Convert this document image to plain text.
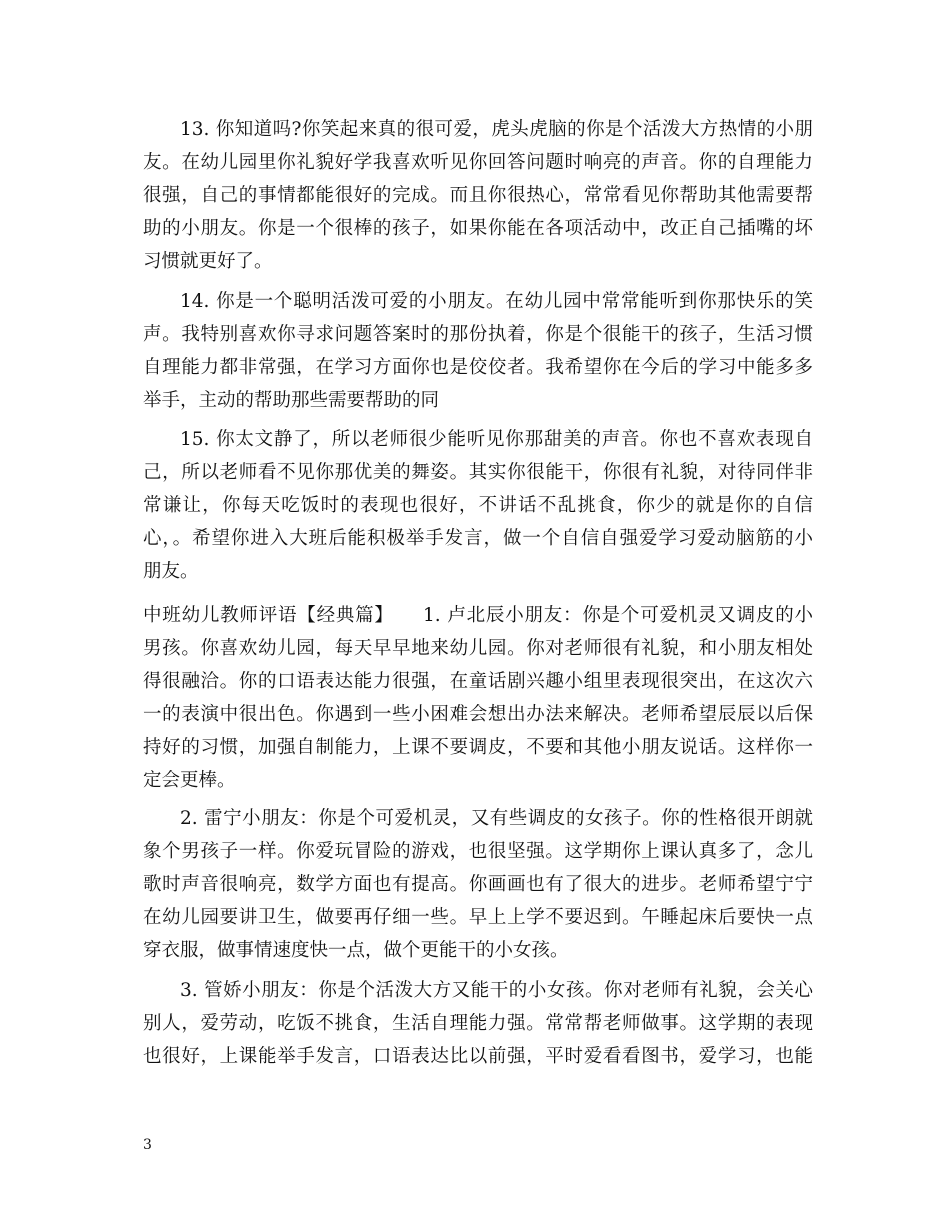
13. 你知道吗?你笑起来真的很可爱，虎头虎脑的你是个活泼大方热情的小朋
友。在幼儿园里你礼貌好学我喜欢听见你回答问题时响亮的声音。你的自理能力
很强，自己的事情都能很好的完成。而且你很热心，常常看见你帮助其他需要帮
助的小朋友。你是一个很棒的孩子，如果你能在各项活动中，改正自己插嘴的坏
习惯就更好了。
14. 你是一个聪明活泼可爱的小朋友。在幼儿园中常常能听到你那快乐的笑
声。我特别喜欢你寻求问题答案时的那份执着，你是个很能干的孩子，生活习惯
自理能力都非常强，在学习方面你也是佼佼者。我希望你在今后的学习中能多多
举手，主动的帮助那些需要帮助的同
15. 你太文静了，所以老师很少能听见你那甜美的声音。你也不喜欢表现自
己，所以老师看不见你那优美的舞姿。其实你很能干，你很有礼貌，对待同伴非
常谦让，你每天吃饭时的表现也很好，不讲话不乱挑食，你少的就是你的自信
心，。希望你进入大班后能积极举手发言，做一个自信自强爱学习爱动脑筋的小
朋友。
中班幼儿教师评语【经典篇】　　1. 卢北辰小朋友：你是个可爱机灵又调皮的小
男孩。你喜欢幼儿园，每天早早地来幼儿园。你对老师很有礼貌，和小朋友相处
得很融洽。你的口语表达能力很强，在童话剧兴趣小组里表现很突出，在这次六
一的表演中很出色。你遇到一些小困难会想出办法来解决。老师希望辰辰以后保
持好的习惯，加强自制能力，上课不要调皮，不要和其他小朋友说话。这样你一
定会更棒。
2. 雷宁小朋友：你是个可爱机灵，又有些调皮的女孩子。你的性格很开朗就
象个男孩子一样。你爱玩冒险的游戏，也很坚强。这学期你上课认真多了，念儿
歌时声音很响亮，数学方面也有提高。你画画也有了很大的进步。老师希望宁宁
在幼儿园要讲卫生，做要再仔细一些。早上上学不要迟到。午睡起床后要快一点
穿衣服，做事情速度快一点，做个更能干的小女孩。
3. 管娇小朋友：你是个活泼大方又能干的小女孩。你对老师有礼貌，会关心
别人，爱劳动，吃饭不挑食，生活自理能力强。常常帮老师做事。这学期的表现
也很好，上课能举手发言，口语表达比以前强，平时爱看看图书，爱学习，也能
3
